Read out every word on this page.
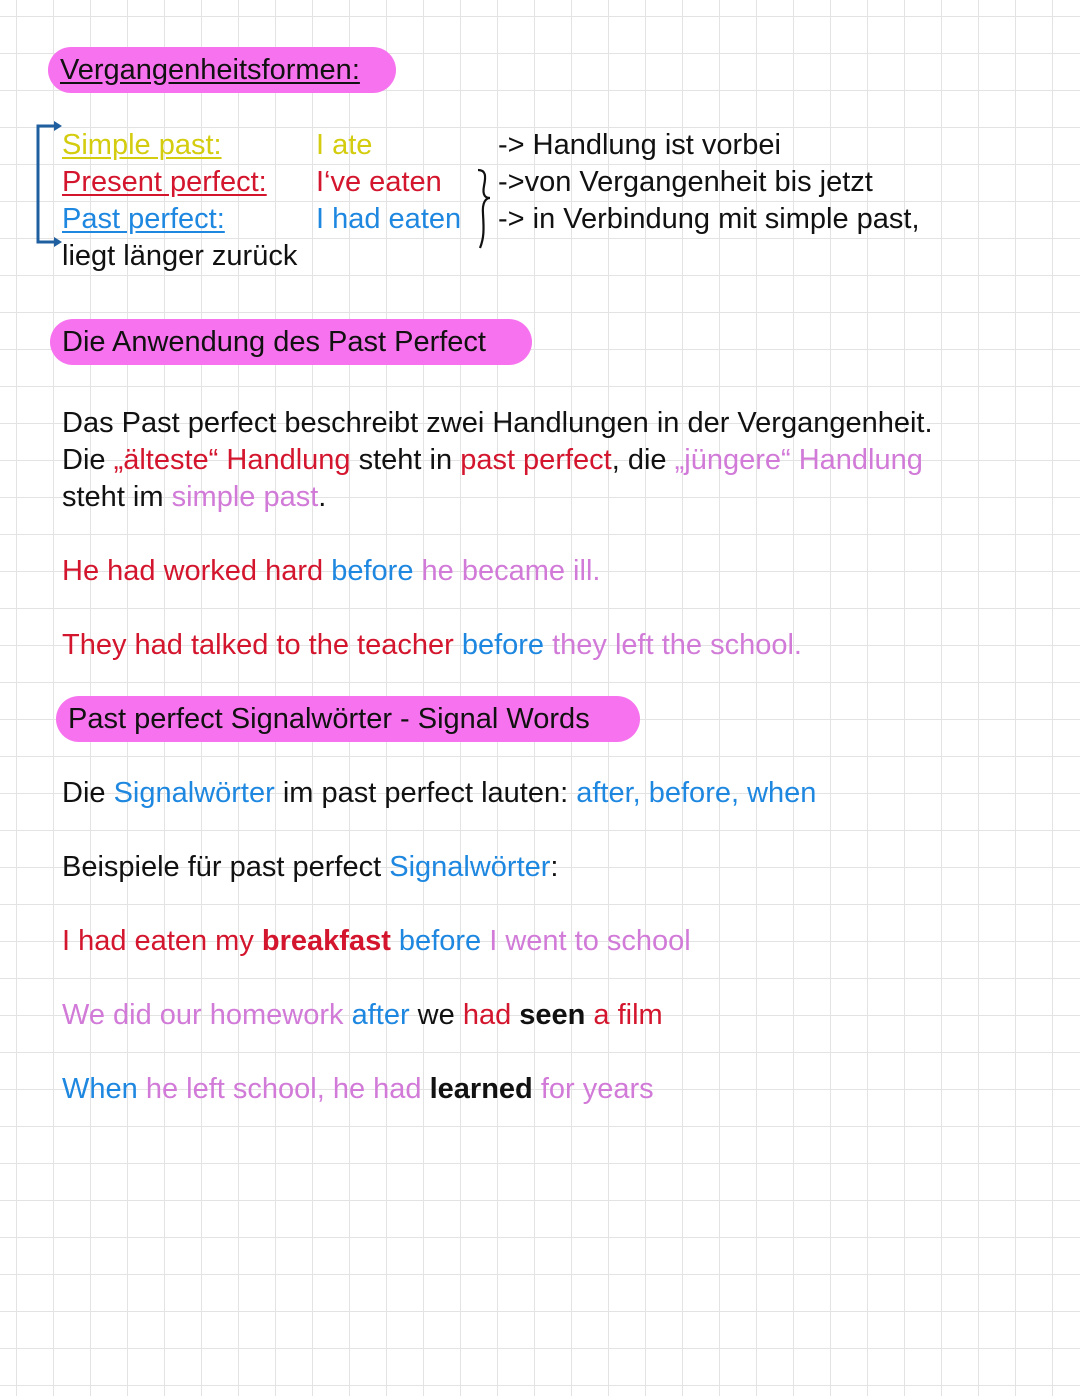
Vergangenheitsformen:
Simple past:	I ate	-> Handlung ist vorbei
Present perfect: I‘ve eaten ->von Vergangenheit bis jetzt
Past perfect:	I had eaten -> in Verbindung mit simple past,
liegt länger zurück
Die Anwendung des Past Perfect
Das Past perfect beschreibt zwei Handlungen in der Vergangenheit.
Die „älteste“ Handlung steht in past perfect, die „jüngere“ Handlung
steht im simple past.
He had worked hard before he became ill.
They had talked to the teacher before they left the school.
Past perfect Signalwörter - Signal Words
Die Signalwörter im past perfect lauten: after, before, when
Beispiele für past perfect Signalwörter:
I had eaten my breakfast before I went to school
We did our homework after we had seen a film
When he left school, he had learned for years
